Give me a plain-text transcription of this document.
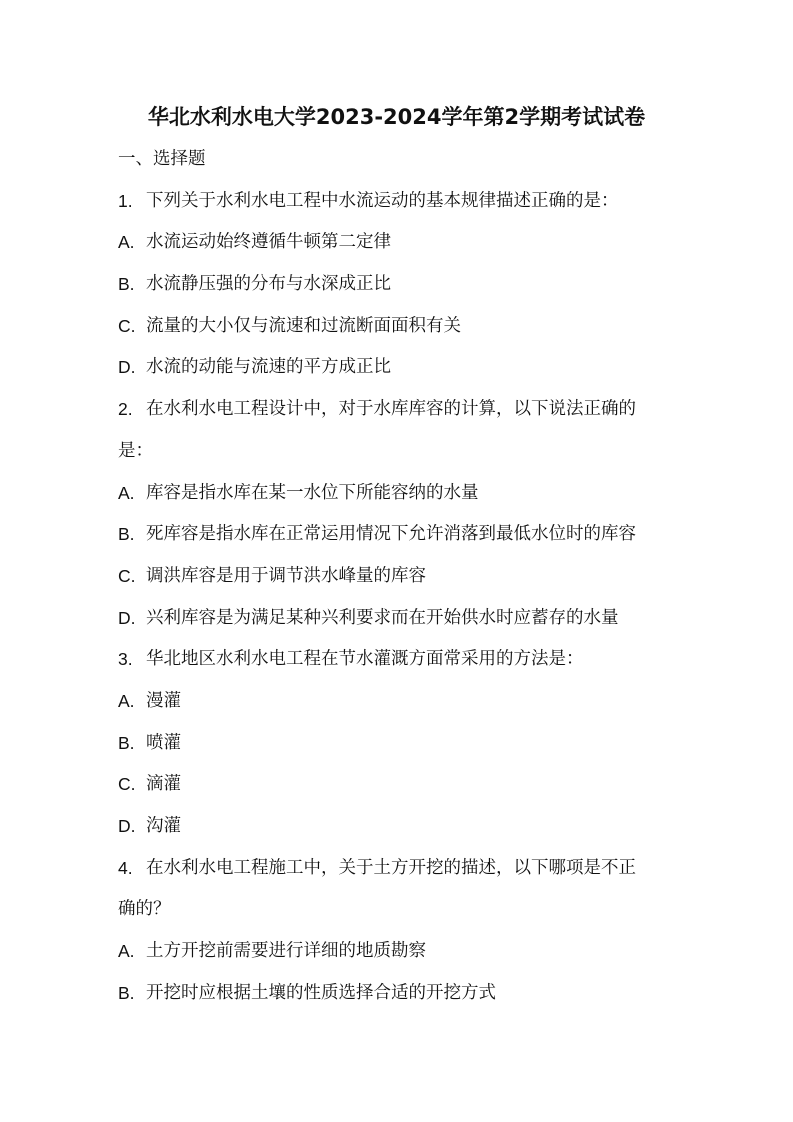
华北水利水电大学2023-2024学年第2学期考试试卷
一、选择题
1. 下列关于水利水电工程中水流运动的基本规律描述正确的是：
A. 水流运动始终遵循牛顿第二定律
B. 水流静压强的分布与水深成正比
C. 流量的大小仅与流速和过流断面面积有关
D. 水流的动能与流速的平方成正比
2. 在水利水电工程设计中，对于水库库容的计算，以下说法正确的
是：
A. 库容是指水库在某一水位下所能容纳的水量
B. 死库容是指水库在正常运用情况下允许消落到最低水位时的库容
C. 调洪库容是用于调节洪水峰量的库容
D. 兴利库容是为满足某种兴利要求而在开始供水时应蓄存的水量
3. 华北地区水利水电工程在节水灌溉方面常采用的方法是：
A. 漫灌
B. 喷灌
C. 滴灌
D. 沟灌
4. 在水利水电工程施工中，关于土方开挖的描述，以下哪项是不正
确的？
A. 土方开挖前需要进行详细的地质勘察
B. 开挖时应根据土壤的性质选择合适的开挖方式
